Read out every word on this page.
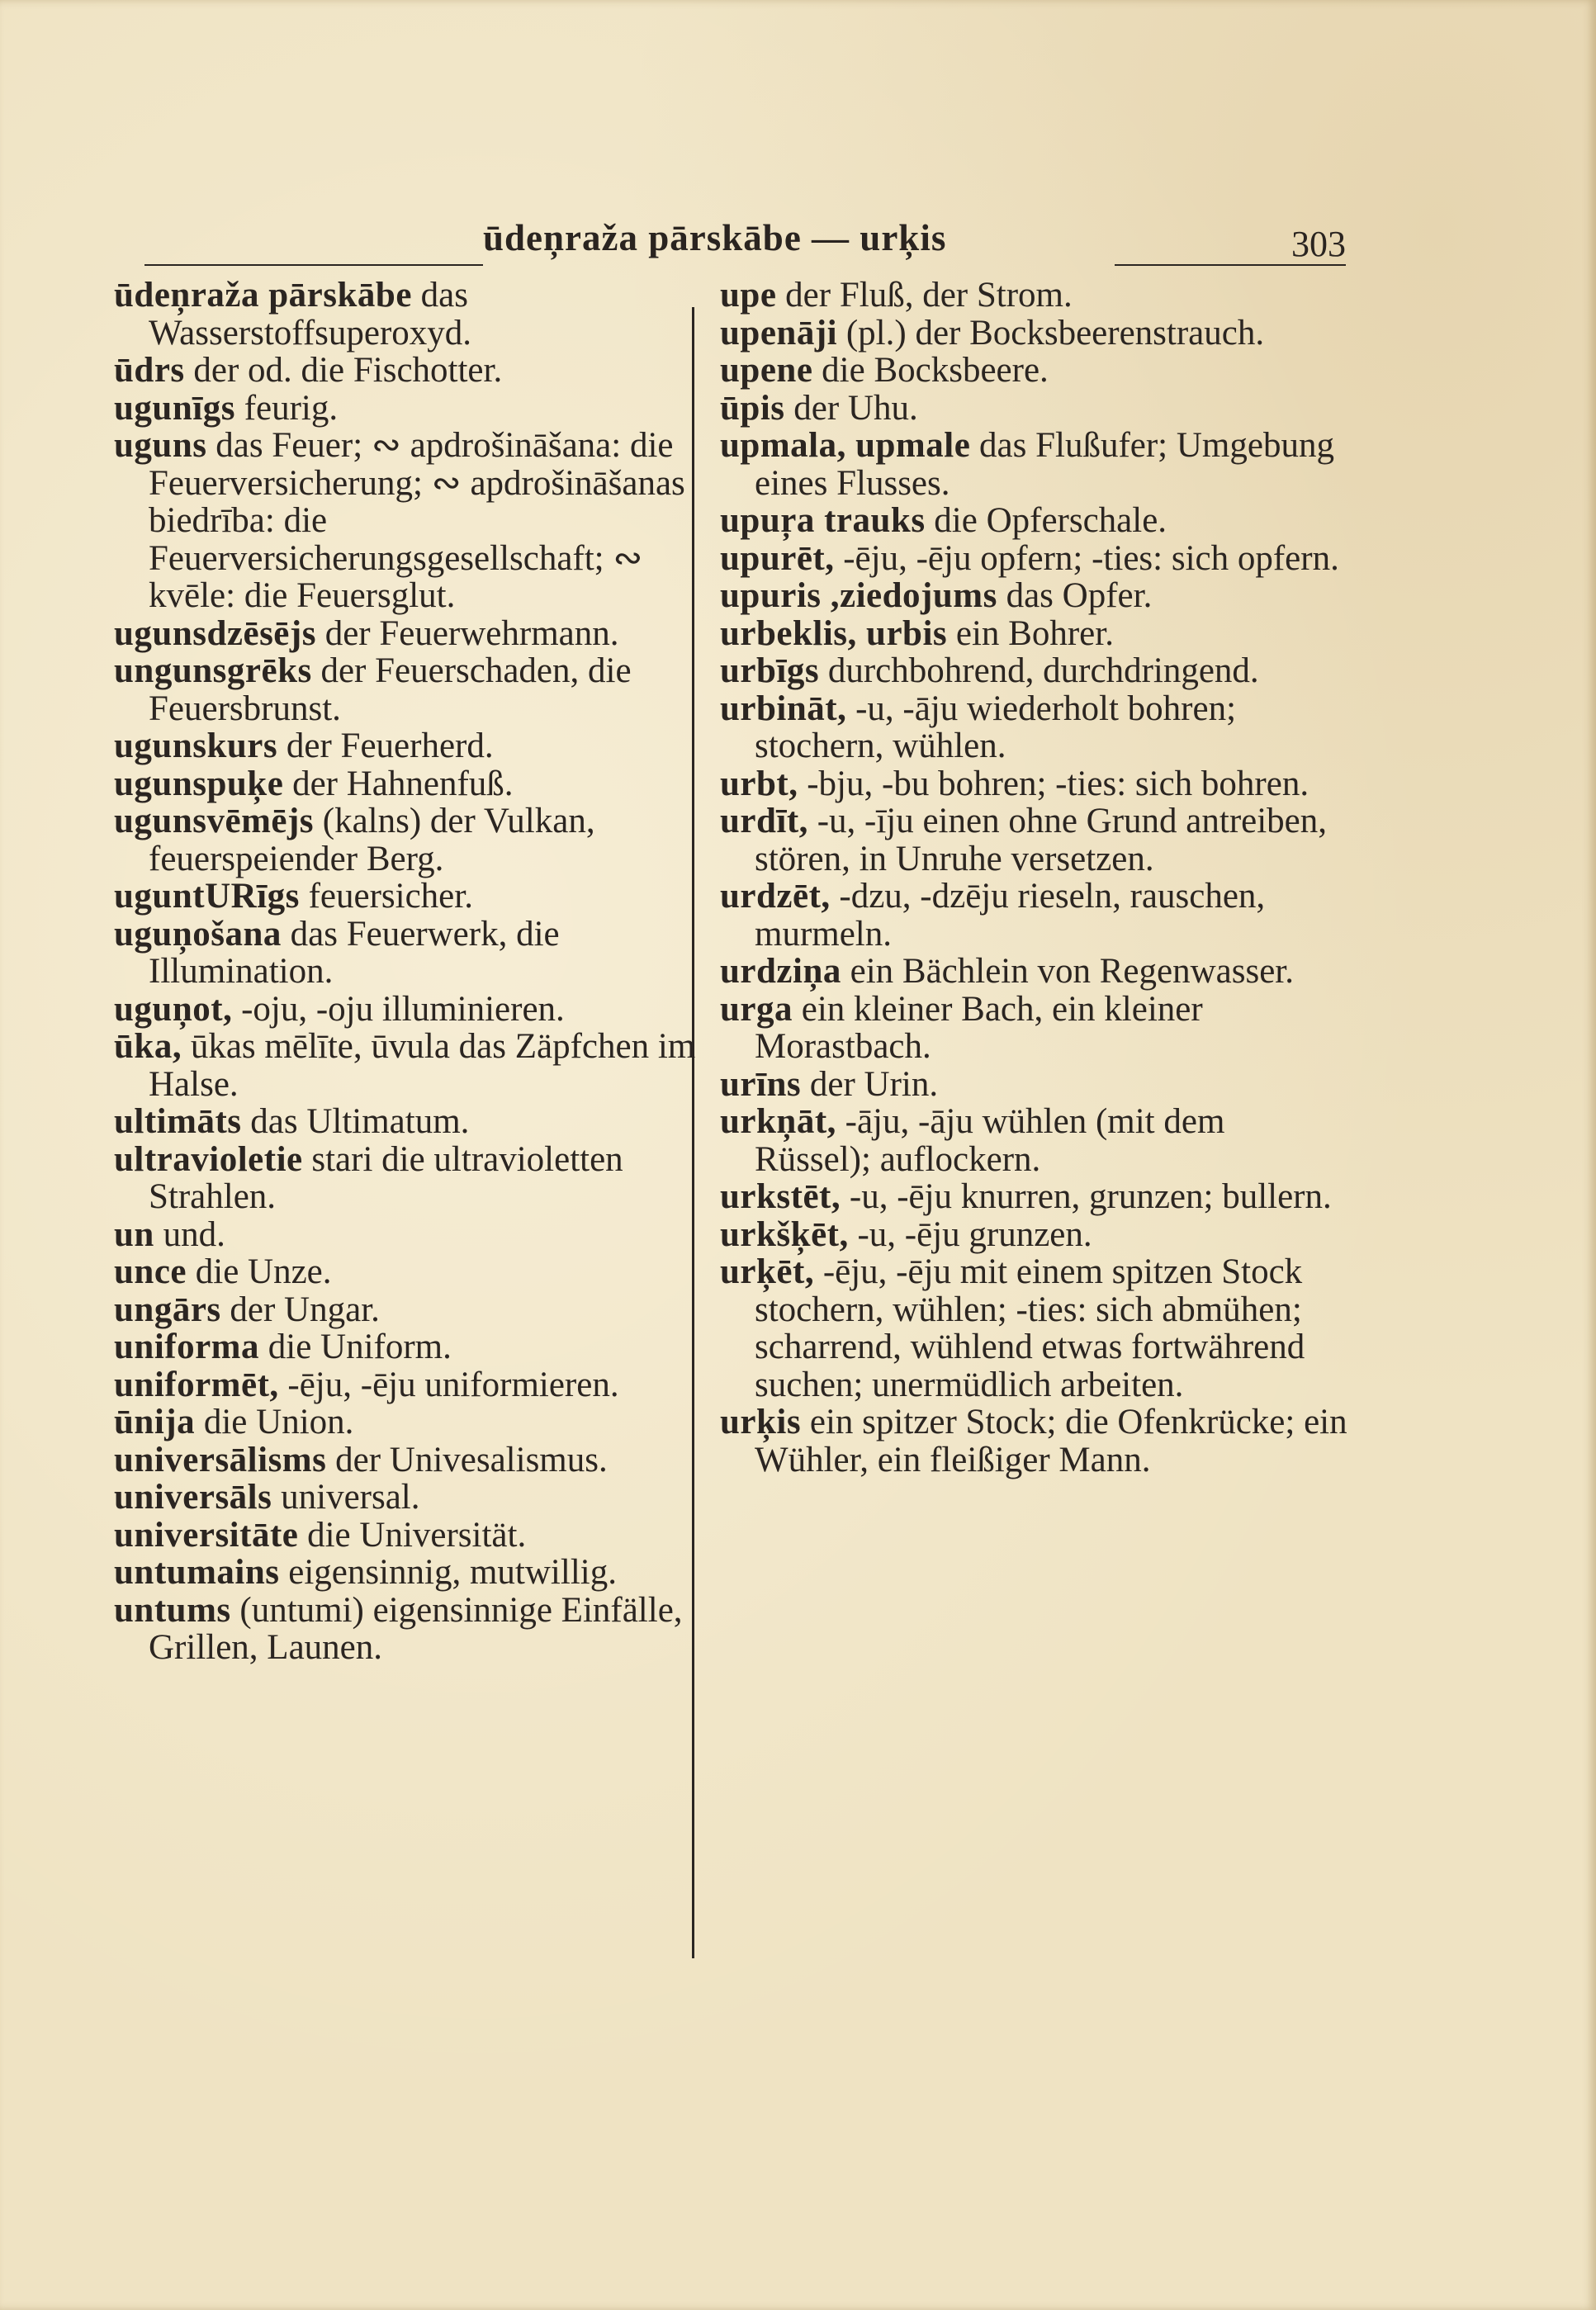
ūdeņraža pārskābe — urķis	303
ūdeņraža pārskābe das Wasserstoffsuperoxyd.
ūdrs der od. die Fischotter.
ugunīgs feurig.
uguns das Feuer; ∾ apdrošināšana: die Feuerversicherung; ∾ apdrošināšanas biedrība: die Feuerversicherungsgesellschaft; ∾ kvēle: die Feuersglut.
ugunsdzēsējs der Feuerwehrmann.
ungunsgrēks der Feuerschaden, die Feuersbrunst.
ugunskurs der Feuerherd.
ugunspuķe der Hahnenfuß.
ugunsvēmējs (kalns) der Vulkan, feuerspeiender Berg.
uguntURīgs feuersicher.
uguņošana das Feuerwerk, die Illumination.
uguņot, -oju, -oju illuminieren.
ūka, ūkas mēlīte, ūvula das Zäpfchen im Halse.
ultimāts das Ultimatum.
ultravioletie stari die ultravioletten Strahlen.
un und.
unce die Unze.
ungārs der Ungar.
uniforma die Uniform.
uniformēt, -ēju, -ēju uniformieren.
ūnija die Union.
universālisms der Univesalismus.
universāls universal.
universitāte die Universität.
untumains eigensinnig, mutwillig.
untums (untumi) eigensinnige Einfälle, Grillen, Launen.
upe der Fluß, der Strom.
upenāji (pl.) der Bocksbeerenstrauch.
upene die Bocksbeere.
ūpis der Uhu.
upmala, upmale das Flußufer; Umgebung eines Flusses.
upuŗa trauks die Opferschale.
upurēt, -ēju, -ēju opfern; -ties: sich opfern.
upuris ,ziedojums das Opfer.
urbeklis, urbis ein Bohrer.
urbīgs durchbohrend, durchdringend.
urbināt, -u, -āju wiederholt bohren; stochern, wühlen.
urbt, -bju, -bu bohren; -ties: sich bohren.
urdīt, -u, -īju einen ohne Grund antreiben, stören, in Unruhe versetzen.
urdzēt, -dzu, -dzēju rieseln, rauschen, murmeln.
urdziņa ein Bächlein von Regenwasser.
urga ein kleiner Bach, ein kleiner Morastbach.
urīns der Urin.
urkņāt, -āju, -āju wühlen (mit dem Rüssel); auflockern.
urkstēt, -u, -ēju knurren, grunzen; bullern.
urkšķēt, -u, -ēju grunzen.
urķēt, -ēju, -ēju mit einem spitzen Stock stochern, wühlen; -ties: sich abmühen; scharrend, wühlend etwas fortwährend suchen; unermüdlich arbeiten.
urķis ein spitzer Stock; die Ofenkrücke; ein Wühler, ein fleißiger Mann.
